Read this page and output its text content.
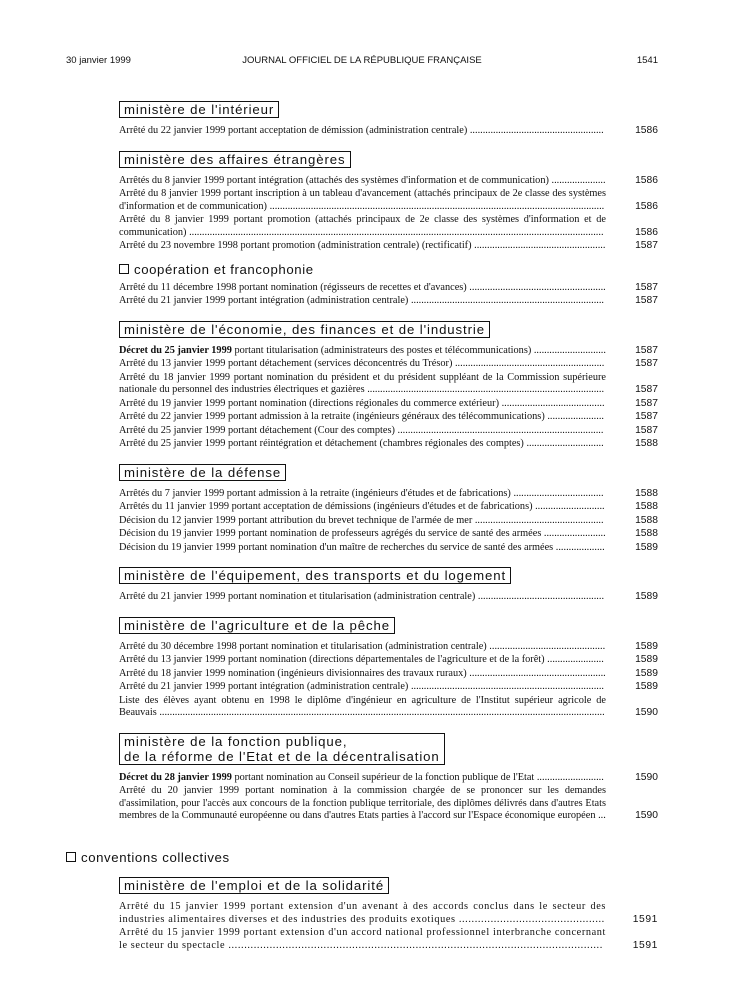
30 janvier 1999	JOURNAL OFFICIEL DE LA RÉPUBLIQUE FRANÇAISE	1541
ministère de l'intérieur
Arrêté du 22 janvier 1999 portant acceptation de démission (administration centrale) ....................................................	1586
ministère des affaires étrangères
Arrêtés du 8 janvier 1999 portant intégration (attachés des systèmes d'information et de communication) .....................	1586
Arrêté du 8 janvier 1999 portant inscription à un tableau d'avancement (attachés principaux de 2e classe des systèmes d'information et de communication) ..................................................................................................................................	1586
Arrêté du 8 janvier 1999 portant promotion (attachés principaux de 2e classe des systèmes d'information et de communication) .................................................................................................................................................................	1586
Arrêté du 23 novembre 1998 portant promotion (administration centrale) (rectificatif) ...................................................	1587
coopération et francophonie
Arrêté du 11 décembre 1998 portant nomination (régisseurs de recettes et d'avances) .....................................................	1587
Arrêté du 21 janvier 1999 portant intégration (administration centrale) ...........................................................................	1587
ministère de l'économie, des finances et de l'industrie
Décret du 25 janvier 1999 portant titularisation (administrateurs des postes et télécommunications) ............................	1587
Arrêté du 13 janvier 1999 portant détachement (services déconcentrés du Trésor) ..........................................................	1587
Arrêté du 18 janvier 1999 portant nomination du président et du président suppléant de la Commission supérieure nationale du personnel des industries électriques et gazières ............................................................................................	1587
Arrêté du 19 janvier 1999 portant nomination (directions régionales du commerce extérieur) ........................................	1587
Arrêté du 22 janvier 1999 portant admission à la retraite (ingénieurs généraux des télécommunications) ......................	1587
Arrêté du 25 janvier 1999 portant détachement (Cour des comptes) ................................................................................	1587
Arrêté du 25 janvier 1999 portant réintégration et détachement (chambres régionales des comptes) ..............................	1588
ministère de la défense
Arrêtés du 7 janvier 1999 portant admission à la retraite (ingénieurs d'études et de fabrications) ...................................	1588
Arrêtés du 11 janvier 1999 portant acceptation de démissions (ingénieurs d'études et de fabrications) ...........................	1588
Décision du 12 janvier 1999 portant attribution du brevet technique de l'armée de mer ..................................................	1588
Décision du 19 janvier 1999 portant nomination de professeurs agrégés du service de santé des armées ........................	1588
Décision du 19 janvier 1999 portant nomination d'un maître de recherches du service de santé des armées ...................	1589
ministère de l'équipement, des transports et du logement
Arrêté du 21 janvier 1999 portant nomination et titularisation (administration centrale) .................................................	1589
ministère de l'agriculture et de la pêche
Arrêté du 30 décembre 1998 portant nomination et titularisation (administration centrale) .............................................	1589
Arrêté du 13 janvier 1999 portant nomination (directions départementales de l'agriculture et de la forêt) ......................	1589
Arrêté du 18 janvier 1999 nomination (ingénieurs divisionnaires des travaux ruraux) .....................................................	1589
Arrêté du 21 janvier 1999 portant intégration (administration centrale) ...........................................................................	1589
Liste des élèves ayant obtenu en 1998 le diplôme d'ingénieur en agriculture de l'Institut supérieur agricole de Beauvais .............................................................................................................................................................................	1590
ministère de la fonction publique,
de la réforme de l'Etat et de la décentralisation
Décret du 28 janvier 1999 portant nomination au Conseil supérieur de la fonction publique de l'Etat ..........................	1590
Arrêté du 20 janvier 1999 portant nomination à la commission chargée de se prononcer sur les demandes d'assimilation, pour l'accès aux concours de la fonction publique territoriale, des diplômes délivrés dans d'autres Etats membres de la Communauté européenne ou dans d'autres Etats parties à l'accord sur l'Espace économique européen ...	1590
conventions collectives
ministère de l'emploi et de la solidarité
Arrêté du 15 janvier 1999 portant extension d'un avenant à des accords conclus dans le secteur des industries alimentaires diverses et des industries des produits exotiques ..............................................	1591
Arrêté du 15 janvier 1999 portant extension d'un accord national professionnel interbranche concernant le secteur du spectacle ......................................................................................................................	1591
